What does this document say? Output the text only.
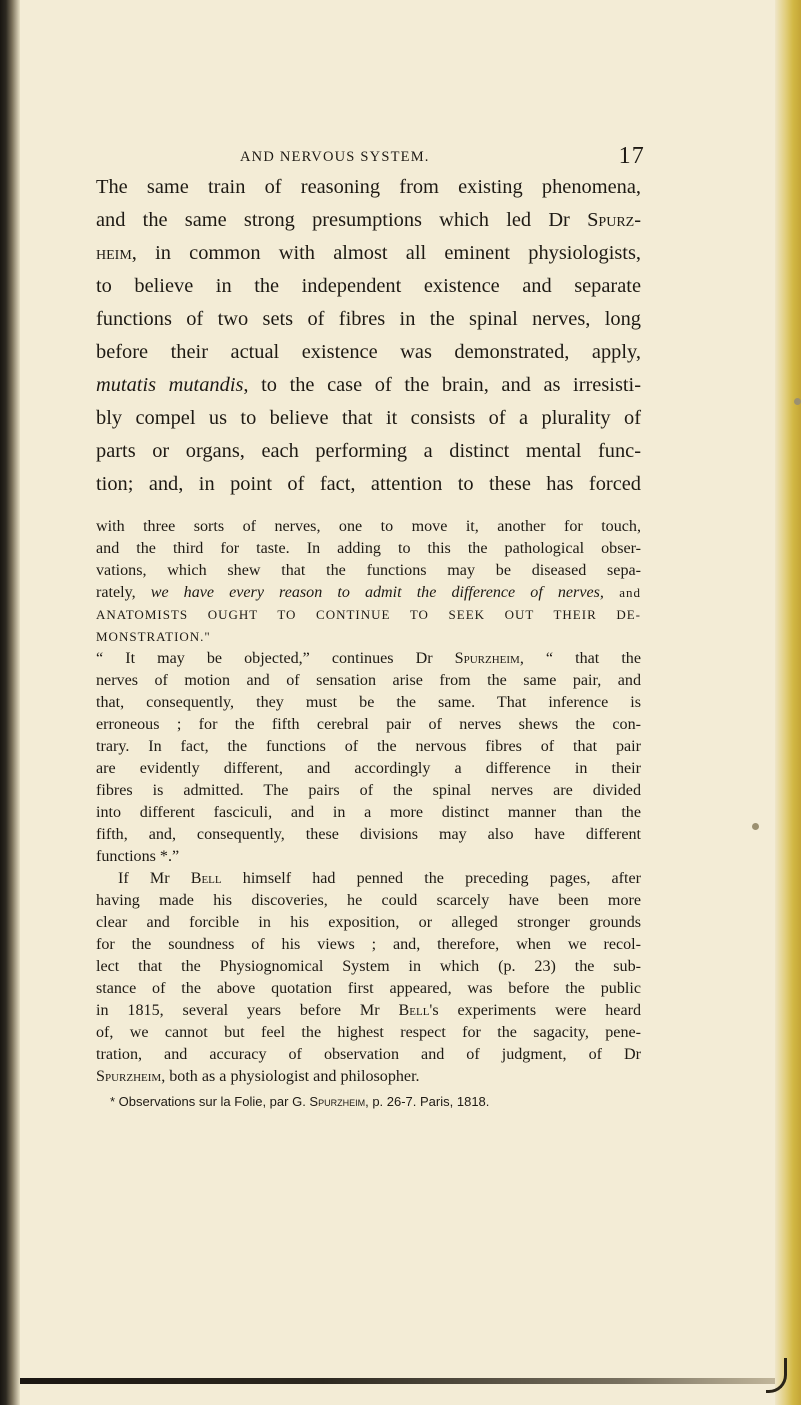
AND NERVOUS SYSTEM.	17

The same train of reasoning from existing phenomena,

and the same strong presumptions which led Dr Spurz-

heim, in common with almost all eminent physiologists,

to believe in the independent existence and separate

functions of two sets of fibres in the spinal nerves, long

before their actual existence was demonstrated, apply,

mutatis mutandis, to the case of the brain, and as irresisti-

bly compel us to believe that it consists of a plurality of

parts or organs, each performing a distinct mental func-

tion; and, in point of fact, attention to these has forced

with three sorts of nerves, one to move it, another for touch,

and the third for taste. In adding to this the pathological obser-

vations, which shew that the functions may be diseased sepa-

rately, we have every reason to admit the difference of nerves, and

ANATOMISTS OUGHT TO CONTINUE TO SEEK OUT THEIR DE-

MONSTRATION."

“ It may be objected,” continues Dr Spurzheim, “ that the

nerves of motion and of sensation arise from the same pair, and

that, consequently, they must be the same. That inference is

erroneous ; for the fifth cerebral pair of nerves shews the con-

trary. In fact, the functions of the nervous fibres of that pair

are evidently different, and accordingly a difference in their

fibres is admitted. The pairs of the spinal nerves are divided

into different fasciculi, and in a more distinct manner than the

fifth, and, consequently, these divisions may also have different

functions *.”

If Mr Bell himself had penned the preceding pages, after

having made his discoveries, he could scarcely have been more

clear and forcible in his exposition, or alleged stronger grounds

for the soundness of his views ; and, therefore, when we recol-

lect that the Physiognomical System in which (p. 23) the sub-

stance of the above quotation first appeared, was before the public

in 1815, several years before Mr Bell's experiments were heard

of, we cannot but feel the highest respect for the sagacity, pene-

tration, and accuracy of observation and of judgment, of Dr

Spurzheim, both as a physiologist and philosopher.

* Observations sur la Folie, par G. Spurzheim, p. 26-7. Paris, 1818.
